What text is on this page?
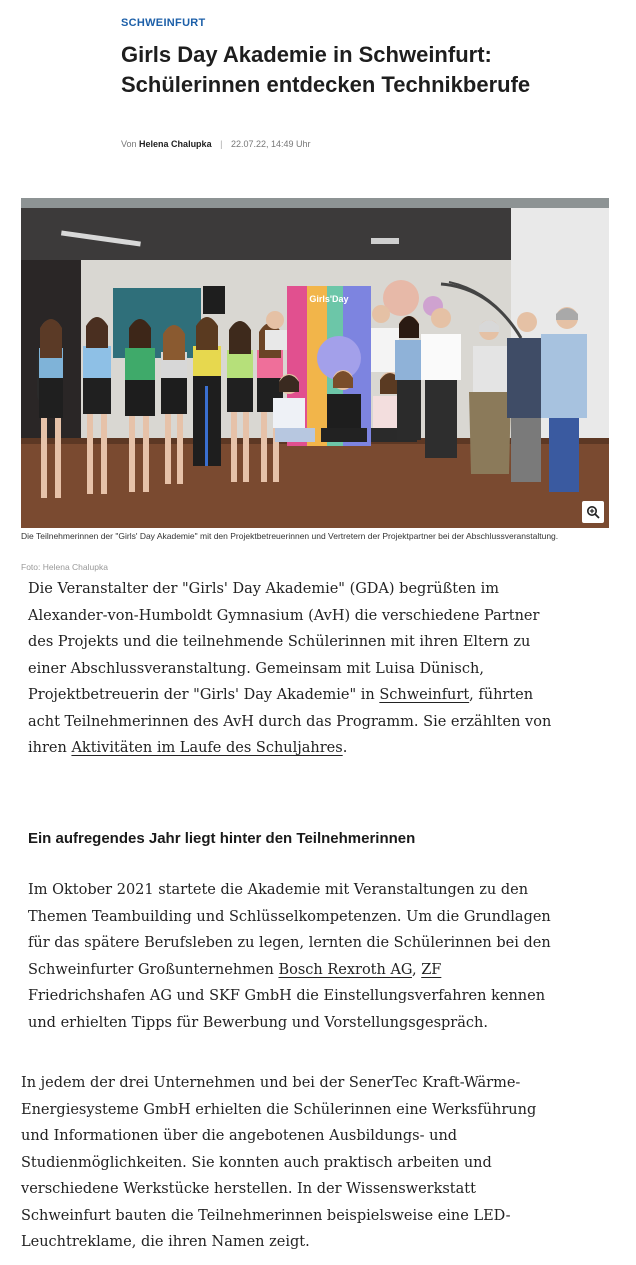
SCHWEINFURT
Girls Day Akademie in Schweinfurt: Schülerinnen entdecken Technikberufe
Von Helena Chalupka | 22.07.22, 14:49 Uhr
Girls'Day

Die Teilnehmerinnen der "Girls' Day Akademie" mit den Projektbetreuerinnen und Vertretern der Projektpartner bei der Abschlussveranstaltung.

Foto: Helena Chalupka

Die Veranstalter der "Girls' Day Akademie" (GDA) begrüßten im Alexander-von-Humboldt Gymnasium (AvH) die verschiedene Partner des Projekts und die teilnehmende Schülerinnen mit ihren Eltern zu einer Abschlussveranstaltung. Gemeinsam mit Luisa Dünisch, Projektbetreuerin der "Girls' Day Akademie" in Schweinfurt, führten acht Teilnehmerinnen des AvH durch das Programm. Sie erzählten von ihren Aktivitäten im Laufe des Schuljahres.

Ein aufregendes Jahr liegt hinter den Teilnehmerinnen

Im Oktober 2021 startete die Akademie mit Veranstaltungen zu den Themen Teambuilding und Schlüsselkompetenzen. Um die Grundlagen für das spätere Berufsleben zu legen, lernten die Schülerinnen bei den Schweinfurter Großunternehmen Bosch Rexroth AG, ZF Friedrichshafen AG und SKF GmbH die Einstellungsverfahren kennen und erhielten Tipps für Bewerbung und Vorstellungsgespräch.

In jedem der drei Unternehmen und bei der SenerTec Kraft-Wärme-Energiesysteme GmbH erhielten die Schülerinnen eine Werksführung und Informationen über die angebotenen Ausbildungs- und Studienmöglichkeiten. Sie konnten auch praktisch arbeiten und verschiedene Werkstücke herstellen. In der Wissenswerkstatt Schweinfurt bauten die Teilnehmerinnen beispielsweise eine LED-Leuchtreklame, die ihren Namen zeigt.
